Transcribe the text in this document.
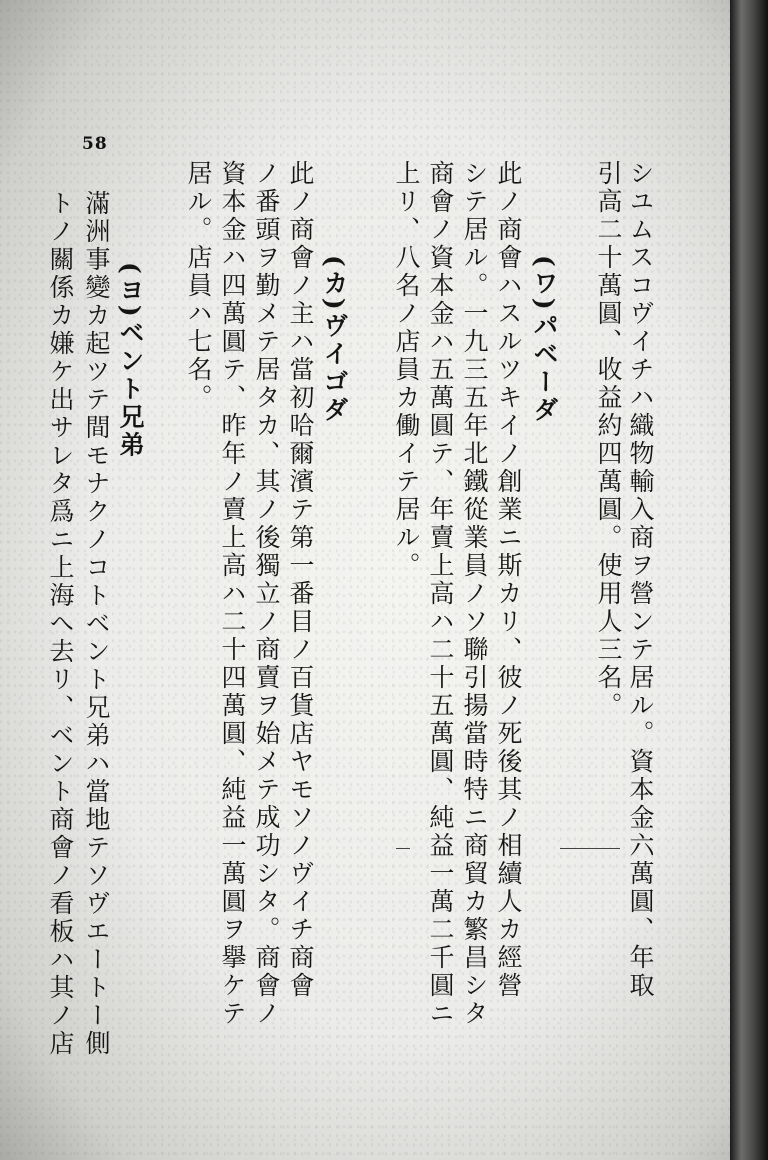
58
シユムスコヴイチハ織物輸入商ヲ營ンテ居ル。資本金六萬圓、年取
引高二十萬圓、收益約四萬圓。使用人三名。
(ワ)パベーダ
此ノ商會ハスルツキイノ創業ニ斯カリ、彼ノ死後其ノ相續人カ經營
シテ居ル。一九三五年北鐵從業員ノソ聯引揚當時特ニ商貿カ繁昌シタ
商會ノ資本金ハ五萬圓テ、年賣上高ハ二十五萬圓、純益一萬二千圓ニ
上リ、八名ノ店員カ働イテ居ル。
(カ)ヴイゴダ
此ノ商會ノ主ハ當初哈爾濱テ第一番目ノ百貨店ヤモソノヴイチ商會
ノ番頭ヲ勤メテ居タカ、其ノ後獨立ノ商賣ヲ始メテ成功シタ。商會ノ
資本金ハ四萬圓テ、昨年ノ賣上高ハ二十四萬圓、純益一萬圓ヲ擧ケテ
居ル。店員ハ七名。
(ヨ)ベント兄弟
滿洲事變カ起ツテ間モナクノコトベント兄弟ハ當地テソヴエートー側
トノ關係カ嫌ケ出サレタ爲ニ上海へ去リ、ベント商會ノ看板ハ其ノ店
